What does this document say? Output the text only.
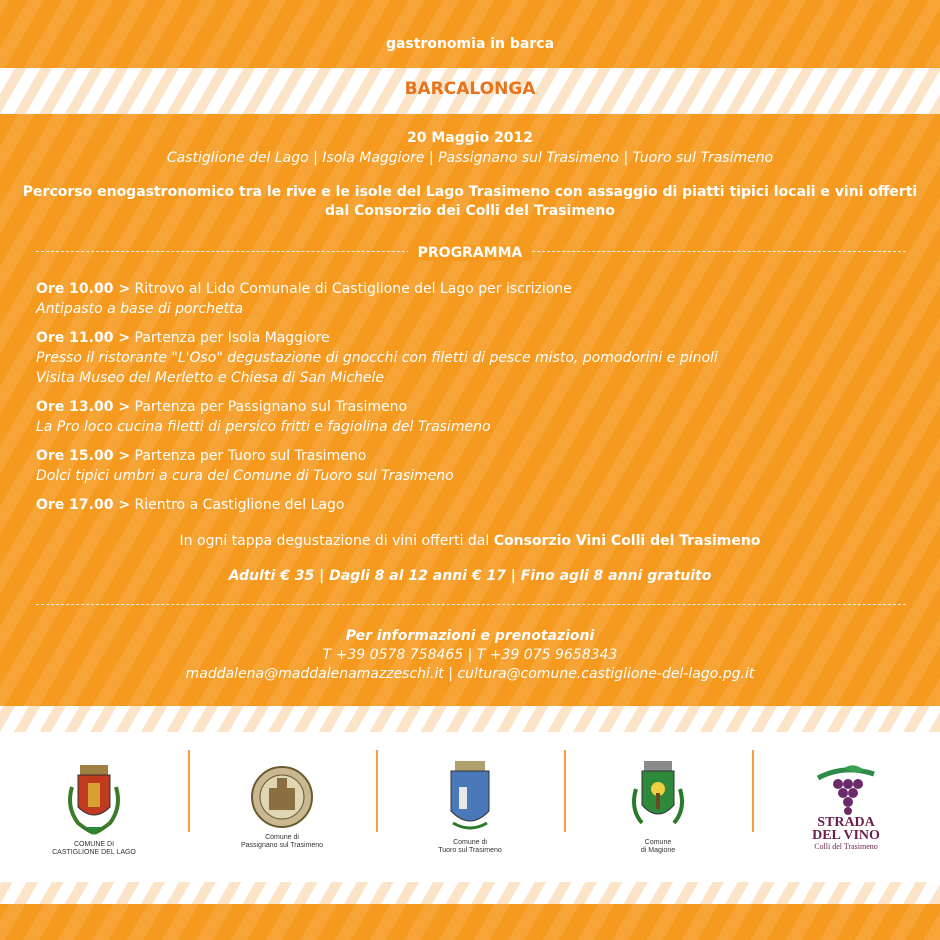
gastronomia in barca
BARCALONGA
20 Maggio 2012
Castiglione del Lago | Isola Maggiore | Passignano sul Trasimeno | Tuoro sul Trasimeno
Percorso enogastronomico tra le rive e le isole del Lago Trasimeno con assaggio di piatti tipici locali e vini offerti
dal Consorzio dei Colli del Trasimeno
PROGRAMMA
Ore 10.00 > Ritrovo al Lido Comunale di Castiglione del Lago per iscrizione
Antipasto a base di porchetta
Ore 11.00 > Partenza per Isola Maggiore
Presso il ristorante "L'Oso" degustazione di gnocchi con filetti di pesce misto, pomodorini e pinoli
Visita Museo del Merletto e Chiesa di San Michele
Ore 13.00 > Partenza per Passignano sul Trasimeno
La Pro loco cucina filetti di persico fritti e fagiolina del Trasimeno
Ore 15.00 > Partenza per Tuoro sul Trasimeno
Dolci tipici umbri a cura del Comune di Tuoro sul Trasimeno
Ore 17.00 > Rientro a Castiglione del Lago
In ogni tappa degustazione di vini offerti dal Consorzio Vini Colli del Trasimeno
Adulti € 35 | Dagli 8 al 12 anni € 17 | Fino agli 8 anni gratuito
Per informazioni e prenotazioni
T +39 0578 758465 | T +39 075 9658343
maddalena@maddalenamazzeschi.it | cultura@comune.castiglione-del-lago.pg.it
COMUNE DI
CASTIGLIONE DEL LAGO
Comune di
Passignano sul Trasimeno	Comune di
Tuoro sul Trasimeno
Comune
di Magione
STRADA
DEL VINO
Colli del Trasimeno
